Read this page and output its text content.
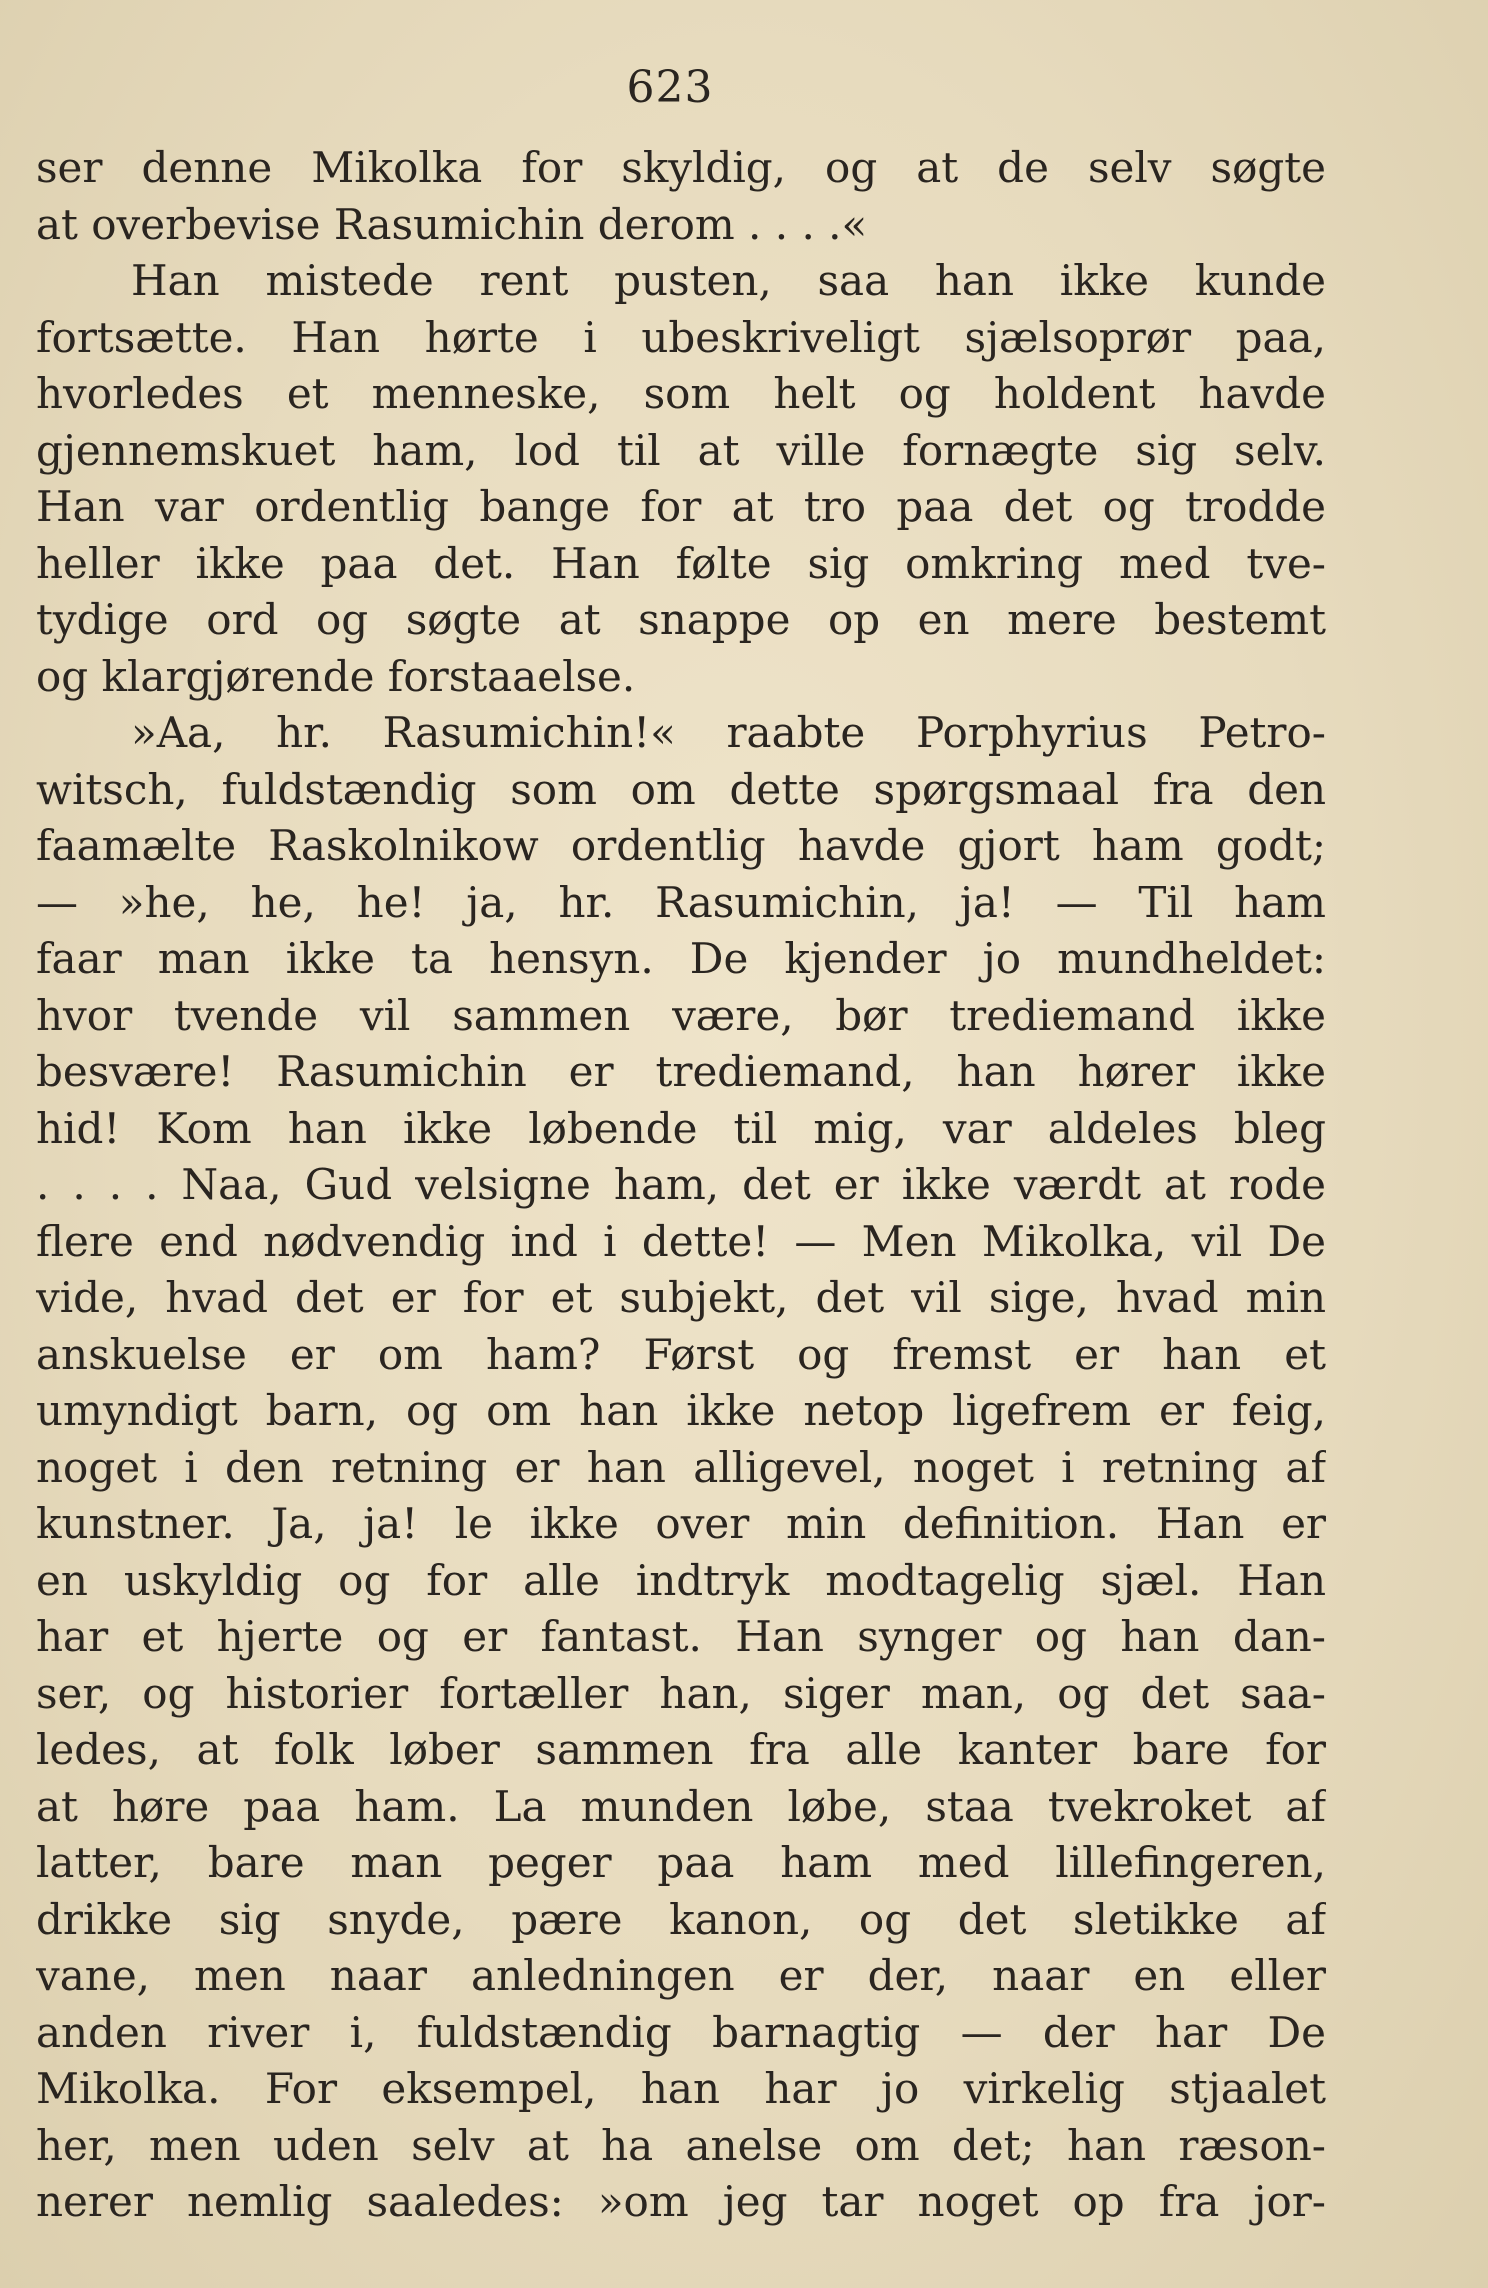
623
ser denne Mikolka for skyldig, og at de selv søgte
at overbevise Rasumichin derom . . . .«
Han mistede rent pusten, saa han ikke kunde
fortsætte. Han hørte i ubeskriveligt sjælsoprør paa,
hvorledes et menneske, som helt og holdent havde
gjennemskuet ham, lod til at ville fornægte sig selv.
Han var ordentlig bange for at tro paa det og trodde
heller ikke paa det. Han følte sig omkring med tve-
tydige ord og søgte at snappe op en mere bestemt
og klargjørende forstaaelse.
»Aa, hr. Rasumichin!« raabte Porphyrius Petro-
witsch, fuldstændig som om dette spørgsmaal fra den
faamælte Raskolnikow ordentlig havde gjort ham godt;
— »he, he, he! ja, hr. Rasumichin, ja! — Til ham
faar man ikke ta hensyn. De kjender jo mundheldet:
hvor tvende vil sammen være, bør trediemand ikke
besvære! Rasumichin er trediemand, han hører ikke
hid! Kom han ikke løbende til mig, var aldeles bleg
. . . . Naa, Gud velsigne ham, det er ikke værdt at rode
flere end nødvendig ind i dette! — Men Mikolka, vil De
vide, hvad det er for et subjekt, det vil sige, hvad min
anskuelse er om ham? Først og fremst er han et
umyndigt barn, og om han ikke netop ligefrem er feig,
noget i den retning er han alligevel, noget i retning af
kunstner. Ja, ja! le ikke over min definition. Han er
en uskyldig og for alle indtryk modtagelig sjæl. Han
har et hjerte og er fantast. Han synger og han dan-
ser, og historier fortæller han, siger man, og det saa-
ledes, at folk løber sammen fra alle kanter bare for
at høre paa ham. La munden løbe, staa tvekroket af
latter, bare man peger paa ham med lillefingeren,
drikke sig snyde, pære kanon, og det sletikke af
vane, men naar anledningen er der, naar en eller
anden river i, fuldstændig barnagtig — der har De
Mikolka. For eksempel, han har jo virkelig stjaalet
her, men uden selv at ha anelse om det; han ræson-
nerer nemlig saaledes: »om jeg tar noget op fra jor-
